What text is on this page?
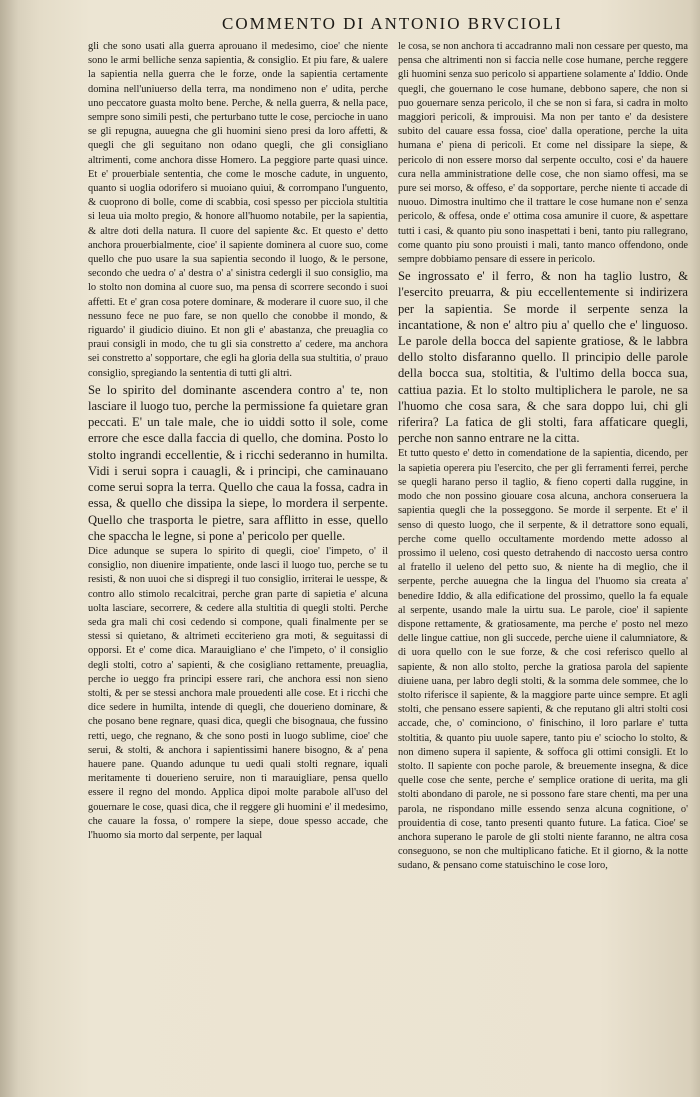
COMMENTO DI ANTONIO BRVCIOLI

gli che sono usati alla guerra aprouano il medesimo, cioe' che niente sono le armi belliche senza sapientia, & consiglio. Et piu fare, & ualere la sapientia nella guerra che le forze, onde la sapientia certamente domina nell'uniuerso della terra, ma nondimeno non e' udita, perche uno peccatore guasta molto bene. Perche, & nella guerra, & nella pace, sempre sono simili pesti, che perturbano tutte le cose, percioche in uano se gli repugna, auuegna che gli huomini sieno presi da loro affetti, & quegli che gli seguitano non odano quegli, che gli consigliano altrimenti, come anchora disse Homero. La peggiore parte quasi uince. Et e' prouerbiale sententia, che come le mosche cadute, in unguento, quanto si uoglia odorifero si muoiano quiui, & corrompano l'unguento, & cuoprono di bolle, come di scabbia, cosi spesso per picciola stultitia si leua uia molto pregio, & honore all'huomo notabile, per la sapientia, & altre doti della natura. Il cuore del sapiente &c. Et questo e' detto anchora prouerbialmente, cioe' il sapiente dominera al cuore suo, come quello che puo usare la sua sapientia secondo il luogo, & le persone, secondo che uedra o' a' destra o' a' sinistra cedergli il suo consiglio, ma lo stolto non domina al cuore suo, ma pensa di scorrere secondo i suoi affetti. Et e' gran cosa potere dominare, & moderare il cuore suo, il che nessuno fece ne puo fare, se non quello che conobbe il mondo, & riguardo' il giudicio diuino. Et non gli e' abastanza, che preuaglia co praui consigli in modo, che tu gli sia constretto a' cedere, ma anchora sei constretto a' sopportare, che egli ha gloria della sua stultitia, o' prauo consiglio, spregiando la sententia di tutti gli altri.

Se lo spirito del dominante ascendera contro a' te, non lasciare il luogo tuo, perche la permissione fa quietare gran peccati. E' un tale male, che io uiddi sotto il sole, come errore che esce dalla faccia di quello, che domina. Posto lo stolto ingrandi eccellentie, & i ricchi sederanno in humilta. Vidi i serui sopra i cauagli, & i principi, che caminauano come serui sopra la terra. Quello che caua la fossa, cadra in essa, & quello che dissipa la siepe, lo mordera il serpente. Quello che trasporta le pietre, sara afflitto in esse, quello che spaccha le legne, si pone a' pericolo per quelle.

Dice adunque se supera lo spirito di quegli, cioe' l'impeto, o' il consiglio, non diuenire impatiente, onde lasci il luogo tuo, perche se tu resisti, & non uuoi che si dispregi il tuo consiglio, irriterai le uesspe, & contro allo stimolo recalcitrai, perche gran parte di sapietia e' alcuna uolta lasciare, secorrere, & cedere alla stultitia di quegli stolti. Perche seda gra mali chi cosi cedendo si compone, quali finalmente per se stessi si quietano, & altrimeti ecciterieno gra moti, & seguitassi di opporsi. Et e' come dica. Marauigliano e' che l'impeto, o' il consiglio degli stolti, cotro a' sapienti, & che cosigliano rettamente, preuaglia, perche io ueggo fra principi essere rari, che anchora essi non sieno stolti, & per se stessi anchora male prouedenti alle cose. Et i ricchi che dice sedere in humilta, intende di quegli, che douerieno dominare, & che posano bene regnare, quasi dica, quegli che bisognaua, che fussino retti, uego, che regnano, & che sono posti in luogo sublime, cioe' che serui, & stolti, & anchora i sapientissimi hanere bisogno, & a' pena hauere pane. Quando adunque tu uedi quali stolti regnare, iquali meritamente ti douerieno seruire, non ti marauigliare, pensa quello essere il regno del mondo. Applica dipoi molte parabole all'uso del gouernare le cose, quasi dica, che il reggere gli huomini e' il medesimo, che cauare la fossa, o' rompere la siepe, doue spesso accade, che l'huomo sia morto dal serpente, per laqual

le cosa, se non anchora ti accadranno mali non cessare per questo, ma pensa che altrimenti non si faccia nelle cose humane, perche reggere gli huomini senza suo pericolo si appartiene solamente a' Iddio. Onde quegli, che gouernano le cose humane, debbono sapere, che non si puo gouernare senza pericolo, il che se non si fara, si cadra in molto maggiori pericoli, & improuisi. Ma non per tanto e' da desistere subito del cauare essa fossa, cioe' dalla operatione, perche la uita humana e' piena di pericoli. Et come nel dissipare la siepe, & pericolo di non essere morso dal serpente occulto, cosi e' da hauere cura nella amministratione delle cose, che non siamo offesi, ma se pure sei morso, & offeso, e' da sopportare, perche niente ti accade di nuouo. Dimostra inultimo che il trattare le cose humane non e' senza pericolo, & offesa, onde e' ottima cosa amunire il cuore, & aspettare tutti i casi, & quanto piu sono inaspettati i beni, tanto piu rallegrano, come quanto piu sono prouisti i mali, tanto manco offendono, onde sempre dobbiamo pensare di essere in pericolo.

Se ingrossato e' il ferro, & non ha taglio lustro, & l'esercito preuarra, & piu eccellentemente si indirizera per la sapientia. Se morde il serpente senza la incantatione, & non e' altro piu a' quello che e' linguoso. Le parole della bocca del sapiente gratiose, & le labbra dello stolto disfaranno quello. Il principio delle parole della bocca sua, stoltitia, & l'ultimo della bocca sua, cattiua pazia. Et lo stolto multiplichera le parole, ne sa l'huomo che cosa sara, & che sara doppo lui, chi gli riferira? La fatica de gli stolti, fara affaticare quegli, perche non sanno entrare ne la citta.

Et tutto questo e' detto in comendatione de la sapientia, dicendo, per la sapietia operera piu l'esercito, che per gli ferramenti ferrei, perche se quegli harano perso il taglio, & fieno coperti dalla ruggine, in modo che non possino giouare cosa alcuna, anchora conseruera la sapientia quegli che la posseggono. Se morde il serpente. Et e' il senso di questo luogo, che il serpente, & il detrattore sono equali, perche come quello occultamente mordendo mette adosso al prossimo il ueleno, cosi questo detrahendo di naccosto uersa contro al fratello il ueleno del petto suo, & niente ha di meglio, che il serpente, perche auuegna che la lingua del l'huomo sia creata a' benedire Iddio, & alla edificatione del prossimo, quello la fa equale al serpente, usando male la uirtu sua. Le parole, cioe' il sapiente dispone rettamente, & gratiosamente, ma perche e' posto nel mezo delle lingue cattiue, non gli succede, perche uiene il calumniatore, & di uora quello con le sue forze, & che cosi referisco quello al sapiente, & non allo stolto, perche la gratiosa parola del sapiente diuiene uana, per labro degli stolti, & la somma dele sommee, che lo stolto riferisce il sapiente, & la maggiore parte uince sempre. Et agli stolti, che pensano essere sapienti, & che reputano gli altri stolti cosi accade, che, o' cominciono, o' finischino, il loro parlare e' tutta stoltitia, & quanto piu uuole sapere, tanto piu e' sciocho lo stolto, & non dimeno supera il sapiente, & soffoca gli ottimi consigli. Et lo stolto. Il sapiente con poche parole, & breuemente insegna, & dice quelle cose che sente, perche e' semplice oratione di uerita, ma gli stolti abondano di parole, ne si possono fare stare chenti, ma per una parola, ne rispondano mille essendo senza alcuna cognitione, o' prouidentia di cose, tanto presenti quanto future. La fatica. Cioe' se anchora superano le parole de gli stolti niente faranno, ne altra cosa conseguono, se non che multiplicano fatiche. Et il giorno, & la notte sudano, & pensano come statuischino le cose loro,
